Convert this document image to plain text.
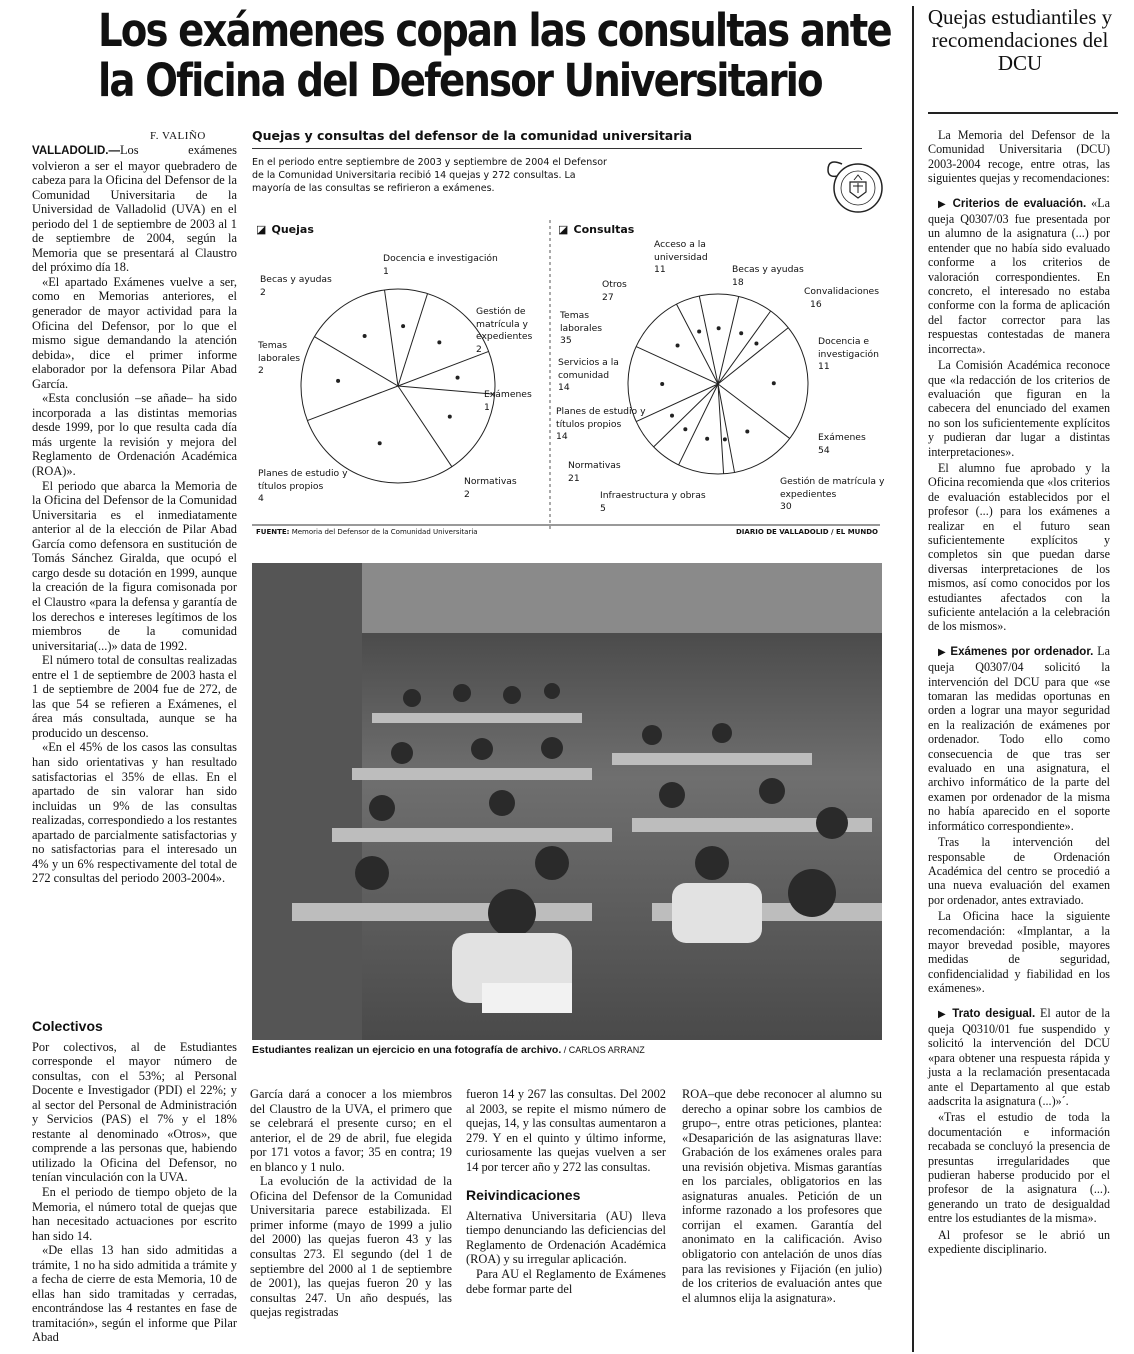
Los exámenes copan las consultas ante
la Oficina del Defensor Universitario
Quejas estudiantiles y recomendaciones del DCU
F. VALIÑO

VALLADOLID.—Los exámenes volvieron a ser el mayor quebradero de cabeza para la Oficina del Defensor de la Comunidad Universitaria de la Universidad de Valladolid (UVA) en el periodo del 1 de septiembre de 2003 al 1 de septiembre de 2004, según la Memoria que se presentará al Claustro del próximo día 18.

«El apartado Exámenes vuelve a ser, como en Memorias anteriores, el generador de mayor actividad para la Oficina del Defensor, por lo que el mismo sigue demandando la atención debida», dice el primer informe elaborador por la defensora Pilar Abad García.

«Esta conclusión –se añade– ha sido incorporada a las distintas memorias desde 1999, por lo que resulta cada día más urgente la revisión y mejora del Reglamento de Ordenación Académica (ROA)».

El periodo que abarca la Memoria de la Oficina del Defensor de la Comunidad Universitaria es el inmediatamente anterior al de la elección de Pilar Abad García como defensora en sustitución de Tomás Sánchez Giralda, que ocupó el cargo desde su dotación en 1999, aunque la creación de la figura comisonada por el Claustro «para la defensa y garantía de los derechos e intereses legítimos de los miembros de la comunidad universitaria(...)» data de 1992.

El número total de consultas realizadas entre el 1 de septiembre de 2003 hasta el 1 de septiembre de 2004 fue de 272, de las que 54 se refieren a Exámenes, el área más consultada, aunque se ha producido un descenso.

«En el 45% de los casos las consultas han sido orientativas y han resultado satisfactorias el 35% de ellas. En el apartado de sin valorar han sido incluidas un 9% de las consultas realizadas, correspondiedo a los restantes apartado de parcialmente satisfactorias y no satisfactorias para el interesado un 4% y un 6% respectivamente del total de 272 consultas del periodo 2003-2004».

Colectivos

Por colectivos, al de Estudiantes corresponde el mayor número de consultas, con el 53%; al Personal Docente e Investigador (PDI) el 22%; y al sector del Personal de Administración y Servicios (PAS) el 7% y el 18% restante al denominado «Otros», que comprende a las personas que, habiendo utilizado la Oficina del Defensor, no tenían vinculación con la UVA.

En el periodo de tiempo objeto de la Memoria, el número total de quejas que han necesitado actuaciones por escrito han sido 14.

«De ellas 13 han sido admitidas a trámite, 1 no ha sido admitida a trámite y a fecha de cierre de esta Memoria, 10 de ellas han sido tramitadas y cerradas, encontrándose las 4 restantes en fase de tramitación», según el informe que Pilar Abad

García dará a conocer a los miembros del Claustro de la UVA, el primero que se celebrará el presente curso; en el anterior, el de 29 de abril, fue elegida por 171 votos a favor; 35 en contra; 19 en blanco y 1 nulo.

La evolución de la actividad de la Oficina del Defensor de la Comunidad Universitaria parece estabilizada. El primer informe (mayo de 1999 a julio del 2000) las quejas fueron 43 y las consultas 273. El segundo (del 1 de septiembre del 2000 al 1 de septiembre de 2001), las quejas fueron 20 y las consultas 247. Un año después, las quejas registradas

fueron 14 y 267 las consultas. Del 2002 al 2003, se repite el mismo número de quejas, 14, y las consultas aumentaron a 279. Y en el quinto y último informe, curiosamente las quejas vuelven a ser 14 por tercer año y 272 las consultas.

Reivindicaciones

Alternativa Universitaria (AU) lleva tiempo denunciando las deficiencias del Reglamento de Ordenación Académica (ROA) y su irregular aplicación.

Para AU el Reglamento de Exámenes debe formar parte del

ROA–que debe reconocer al alumno su derecho a opinar sobre los cambios de grupo–, entre otras peticiones, plantea: «Desaparición de las asignaturas llave: Grabación de los exámenes orales para una revisión objetiva. Mismas garantías en los parciales, obligatorios en las asignaturas anuales. Petición de un informe razonado a los profesores que corrijan el examen. Garantía del anonimato en la calificación. Aviso obligatorio con antelación de unos días para las revisiones y Fijación (en julio) de los criterios de evaluación antes que el alumnos elija la asignatura».

La Memoria del Defensor de la Comunidad Universitaria (DCU) 2003-2004 recoge, entre otras, las siguientes quejas y recomendaciones:

▶ Criterios de evaluación. «La queja Q0307/03 fue presentada por un alumno de la asignatura (...) por entender que no había sido evaluado conforme a los criterios de valoración correspondientes. En concreto, el interesado no estaba conforme con la forma de aplicación del factor corrector para las respuestas contestadas de manera incorrecta».

La Comisión Académica reconoce que «la redacción de los criterios de evaluación que figuran en la cabecera del enunciado del examen no son los suficientemente explícitos y pudieran dar lugar a distintas interpretaciones».

El alumno fue aprobado y la Oficina recomienda que «los criterios de evaluación establecidos por el profesor (...) para los exámenes a realizar en el futuro sean suficientemente explícitos y completos sin que puedan darse diversas interpretaciones de los mismos, así como conocidos por los estudiantes afectados con la suficiente antelación a la celebración de los mismos».

▶ Exámenes por ordenador. La queja Q0307/04 solicitó la intervención del DCU para que «se tomaran las medidas oportunas en orden a lograr una mayor seguridad en la realización de exámenes por ordenador. Todo ello como consecuencia de que tras ser evaluado en una asignatura, el archivo informático de la parte del examen por ordenador de la misma no había aparecido en el soporte informático correspondiente».

Tras la intervención del responsable de Ordenación Académica del centro se procedió a una nueva evaluación del examen por ordenador, antes extraviado.

La Oficina hace la siguiente recomendación: «Implantar, a la mayor brevedad posible, mayores medidas de seguridad, confidencialidad y fiabilidad en los exámenes».

▶ Trato desigual. El autor de la queja Q0310/01 fue suspendido y solicitó la intervención del DCU «para obtener una respuesta rápida y justa a la reclamación presentacada ante el Departamento al que estab aadscrita la asignatura (...)»´.

«Tras el estudio de toda la documentación e información recabada se concluyó la presencia de presuntas irregularidades que pudieran haberse producido por el profesor de la asignatura (...). generando un trato de desigualdad entre los estudiantes de la misma».

Al profesor se le abrió un expediente disciplinario.

Quejas y consultas del defensor de la comunidad universitaria
En el periodo entre septiembre de 2003 y septiembre de 2004 el Defensor de la Comunidad Universitaria recibió 14 quejas y 272 consultas. La mayoría de las consultas se refirieron a exámenes.
◪ Quejas	◪ Consultas
Docencia e investigación
1
Becas y ayudas
2
Gestión de matrícula y expedientes
2
Temas laborales
2
Exámenes
1
Normativas
2
Planes de estudio y títulos propios
4
Acceso a la universidad
11	Becas y ayudas
18
Otros
27	Convalidaciones
16
Temas laborales
35	Docencia e investigación
11
Servicios a la comunidad
14
Planes de estudio y títulos propios
14	Exámenes
54
Normativas
21	Gestión de matrícula y expedientes
30
Infraestructura y obras
5
FUENTE: Memoria del Defensor de la Comunidad Universitaria	DIARIO DE VALLADOLID / EL MUNDO
Estudiantes realizan un ejercicio en una fotografía de archivo. / CARLOS ARRANZ
